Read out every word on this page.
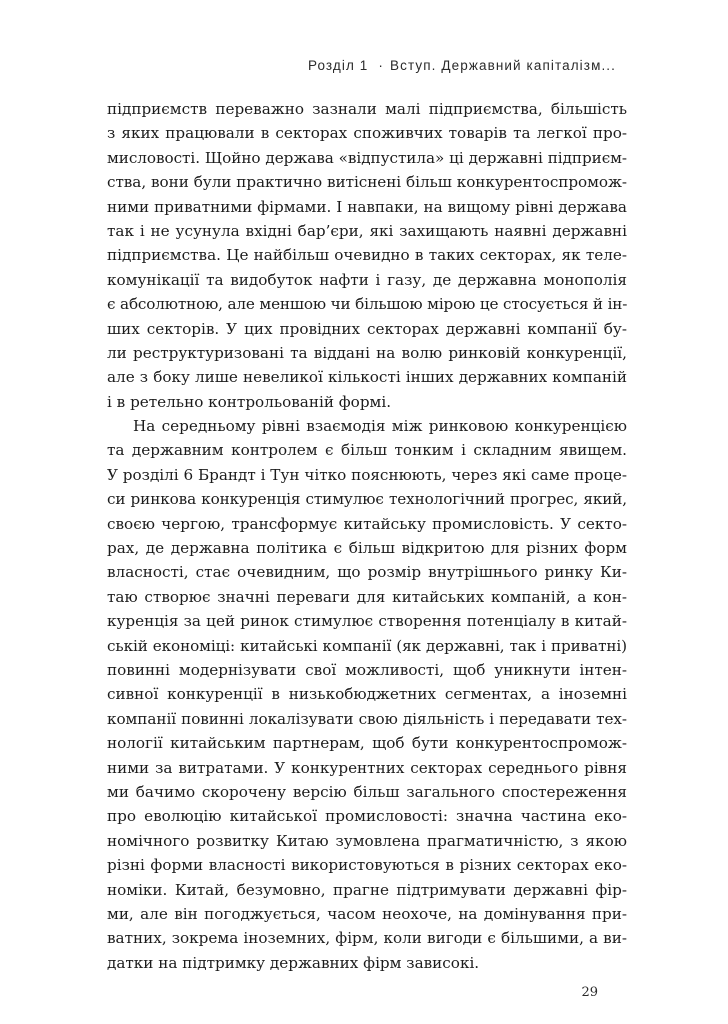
Розділ 1 · Вступ. Державний капіталізм...
підприємств переважно зазнали малі підприємства, більшість
з яких працювали в секторах споживчих товарів та легкої про-
мисловості. Щойно держава «відпустила» ці державні підприєм-
ства, вони були практично витіснені більш конкурентоспромож-
ними приватними фірмами. І навпаки, на вищому рівні держава
так і не усунула вхідні бар’єри, які захищають наявні державні
підприємства. Це найбільш очевидно в таких секторах, як теле-
комунікації та видобуток нафти і газу, де державна монополія
є абсолютною, але меншою чи більшою мірою це стосується й ін-
ших секторів. У цих провідних секторах державні компанії бу-
ли реструктуризовані та віддані на волю ринковій конкуренції,
але з боку лише невеликої кількості інших державних компаній
і в ретельно контрольованій формі.
На середньому рівні взаємодія між ринковою конкуренцією
та державним контролем є більш тонким і складним явищем.
У розділі 6 Брандт і Тун чітко пояснюють, через які саме проце-
си ринкова конкуренція стимулює технологічний прогрес, який,
своєю чергою, трансформує китайську промисловість. У секто-
рах, де державна політика є більш відкритою для різних форм
власності, стає очевидним, що розмір внутрішнього ринку Ки-
таю створює значні переваги для китайських компаній, а кон-
куренція за цей ринок стимулює створення потенціалу в китай-
ській економіці: китайські компанії (як державні, так і приватні)
повинні модернізувати свої можливості, щоб уникнути інтен-
сивної конкуренції в низькобюджетних сегментах, а іноземні
компанії повинні локалізувати свою діяльність і передавати тех-
нології китайським партнерам, щоб бути конкурентоспромож-
ними за витратами. У конкурентних секторах середнього рівня
ми бачимо скорочену версію більш загального спостереження
про еволюцію китайської промисловості: значна частина еко-
номічного розвитку Китаю зумовлена прагматичністю, з якою
різні форми власності використовуються в різних секторах еко-
номіки. Китай, безумовно, прагне підтримувати державні фір-
ми, але він погоджується, часом неохоче, на домінування при-
ватних, зокрема іноземних, фірм, коли вигоди є більшими, а ви-
датки на підтримку державних фірм зависокі.
29
